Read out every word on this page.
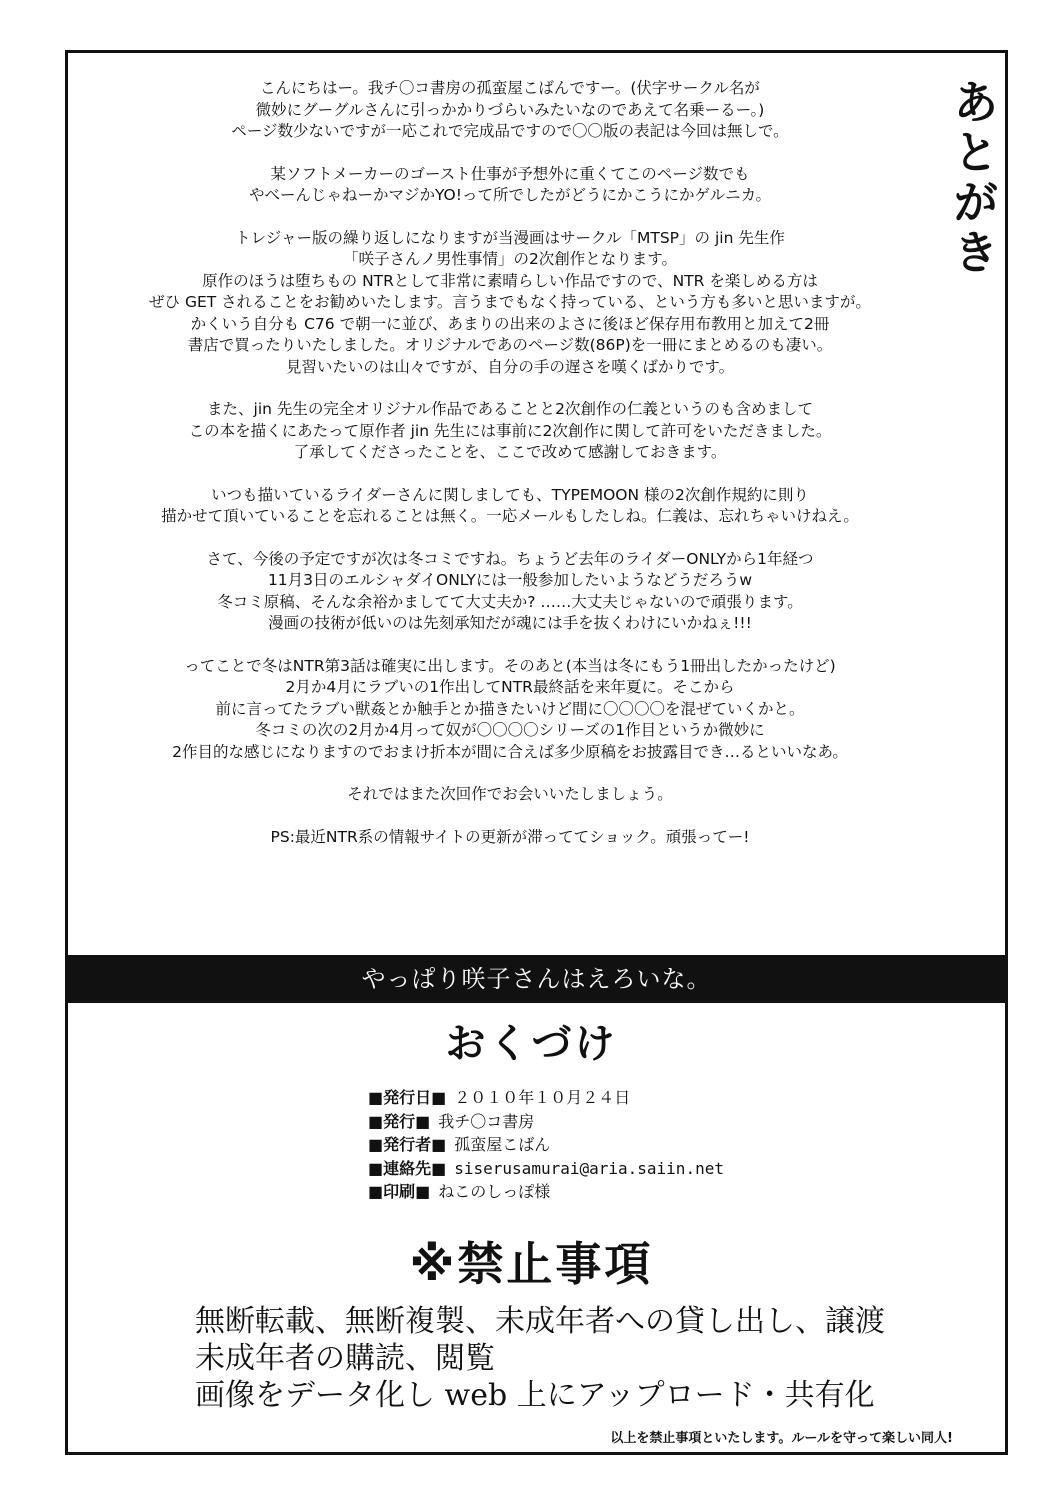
あとがき
こんにちはー。我チ〇コ書房の孤蛮屋こばんですー。(伏字サークル名が
微妙にグーグルさんに引っかかりづらいみたいなのであえて名乗ーるー。)
ページ数少ないですが一応これで完成品ですので〇〇版の表記は今回は無しで。
某ソフトメーカーのゴースト仕事が予想外に重くてこのページ数でも
やべーんじゃねーかマジかYO!って所でしたがどうにかこうにかゲルニカ。
トレジャー版の繰り返しになりますが当漫画はサークル「MTSP」の jin 先生作
「咲子さんノ男性事情」の2次創作となります。
原作のほうは堕ちもの NTRとして非常に素晴らしい作品ですので、NTR を楽しめる方は
ぜひ GET されることをお勧めいたします。言うまでもなく持っている、という方も多いと思いますが。
かくいう自分も C76 で朝一に並び、あまりの出来のよさに後ほど保存用布教用と加えて2冊
書店で買ったりいたしました。オリジナルであのページ数(86P)を一冊にまとめるのも凄い。
見習いたいのは山々ですが、自分の手の遅さを嘆くばかりです。
また、jin 先生の完全オリジナル作品であることと2次創作の仁義というのも含めまして
この本を描くにあたって原作者 jin 先生には事前に2次創作に関して許可をいただきました。
了承してくださったことを、ここで改めて感謝しておきます。
いつも描いているライダーさんに関しましても、TYPEMOON 様の2次創作規約に則り
描かせて頂いていることを忘れることは無く。一応メールもしたしね。仁義は、忘れちゃいけねえ。
さて、今後の予定ですが次は冬コミですね。ちょうど去年のライダーONLYから1年経つ
11月3日のエルシャダイONLYには一般参加したいようなどうだろうw
冬コミ原稿、そんな余裕かましてて大丈夫か? ……大丈夫じゃないので頑張ります。
漫画の技術が低いのは先刻承知だが魂には手を抜くわけにいかねぇ!!!
ってことで冬はNTR第3話は確実に出します。そのあと(本当は冬にもう1冊出したかったけど)
2月か4月にラブいの1作出してNTR最終話を来年夏に。そこから
前に言ってたラブい獣姦とか触手とか描きたいけど間に〇〇〇〇を混ぜていくかと。
冬コミの次の2月か4月って奴が〇〇〇〇シリーズの1作目というか微妙に
2作目的な感じになりますのでおまけ折本が間に合えば多少原稿をお披露目でき…るといいなあ。
それではまた次回作でお会いいたしましょう。
PS:最近NTR系の情報サイトの更新が滞っててショック。頑張ってー!
やっぱり咲子さんはえろいな。
おくづけ
■発行日■ ２０１０年１０月２４日
■発行■ 我チ〇コ書房
■発行者■ 孤蛮屋こばん
■連絡先■ siserusamurai@aria.saiin.net
■印刷■ ねこのしっぽ様
※禁止事項
無断転載、無断複製、未成年者への貸し出し、譲渡
未成年者の購読、閲覧
画像をデータ化し web 上にアップロード・共有化
以上を禁止事項といたします。ルールを守って楽しい同人!
